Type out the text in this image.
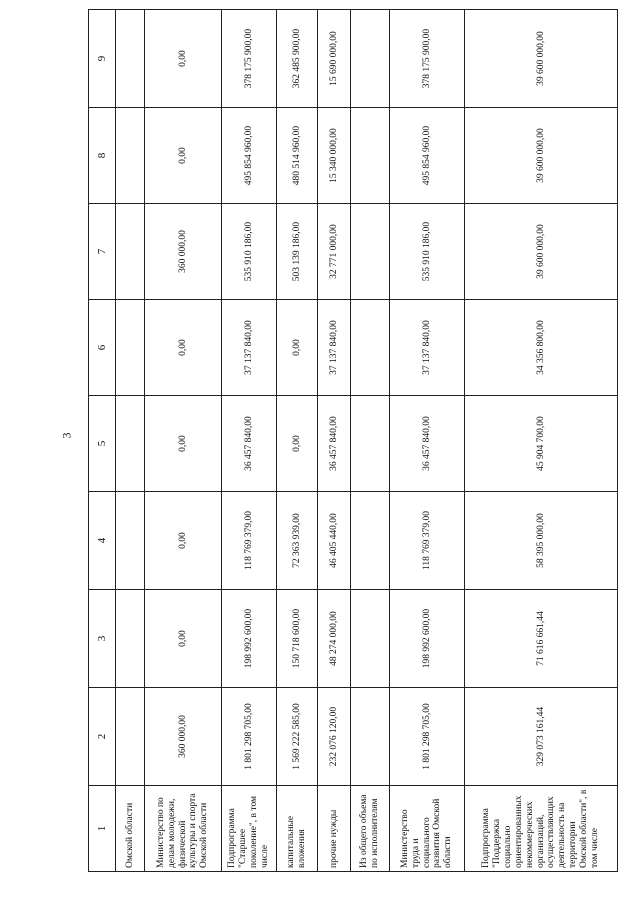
3
1	2	3	4	5	6	7	8	9
Омской области								
Министерство по делам молодежи, физической культуры и спорта Омской области	360 000,00	0,00	0,00	0,00	0,00	360 000,00	0,00	0,00
Подпрограмма "Старшее поколение", в том числе	1 801 298 705,00	198 992 600,00	118 769 379,00	36 457 840,00	37 137 840,00	535 910 186,00	495 854 960,00	378 175 900,00
капитальные вложения	1 569 222 585,00	150 718 600,00	72 363 939,00	0,00	0,00	503 139 186,00	480 514 960,00	362 485 900,00
прочие нужды	232 076 120,00	48 274 000,00	46 405 440,00	36 457 840,00	37 137 840,00	32 771 000,00	15 340 000,00	15 690 000,00
Из общего объема по исполнителям								
Министерство труда и социального развития Омской области	1 801 298 705,00	198 992 600,00	118 769 379,00	36 457 840,00	37 137 840,00	535 910 186,00	495 854 960,00	378 175 900,00
Подпрограмма "Поддержка социально ориентированных некоммерческих организаций, осуществляющих деятельность на территории Омской области", в том числе	329 073 161,44	71 616 661,44	58 395 000,00	45 904 700,00	34 356 800,00	39 600 000,00	39 600 000,00	39 600 000,00
